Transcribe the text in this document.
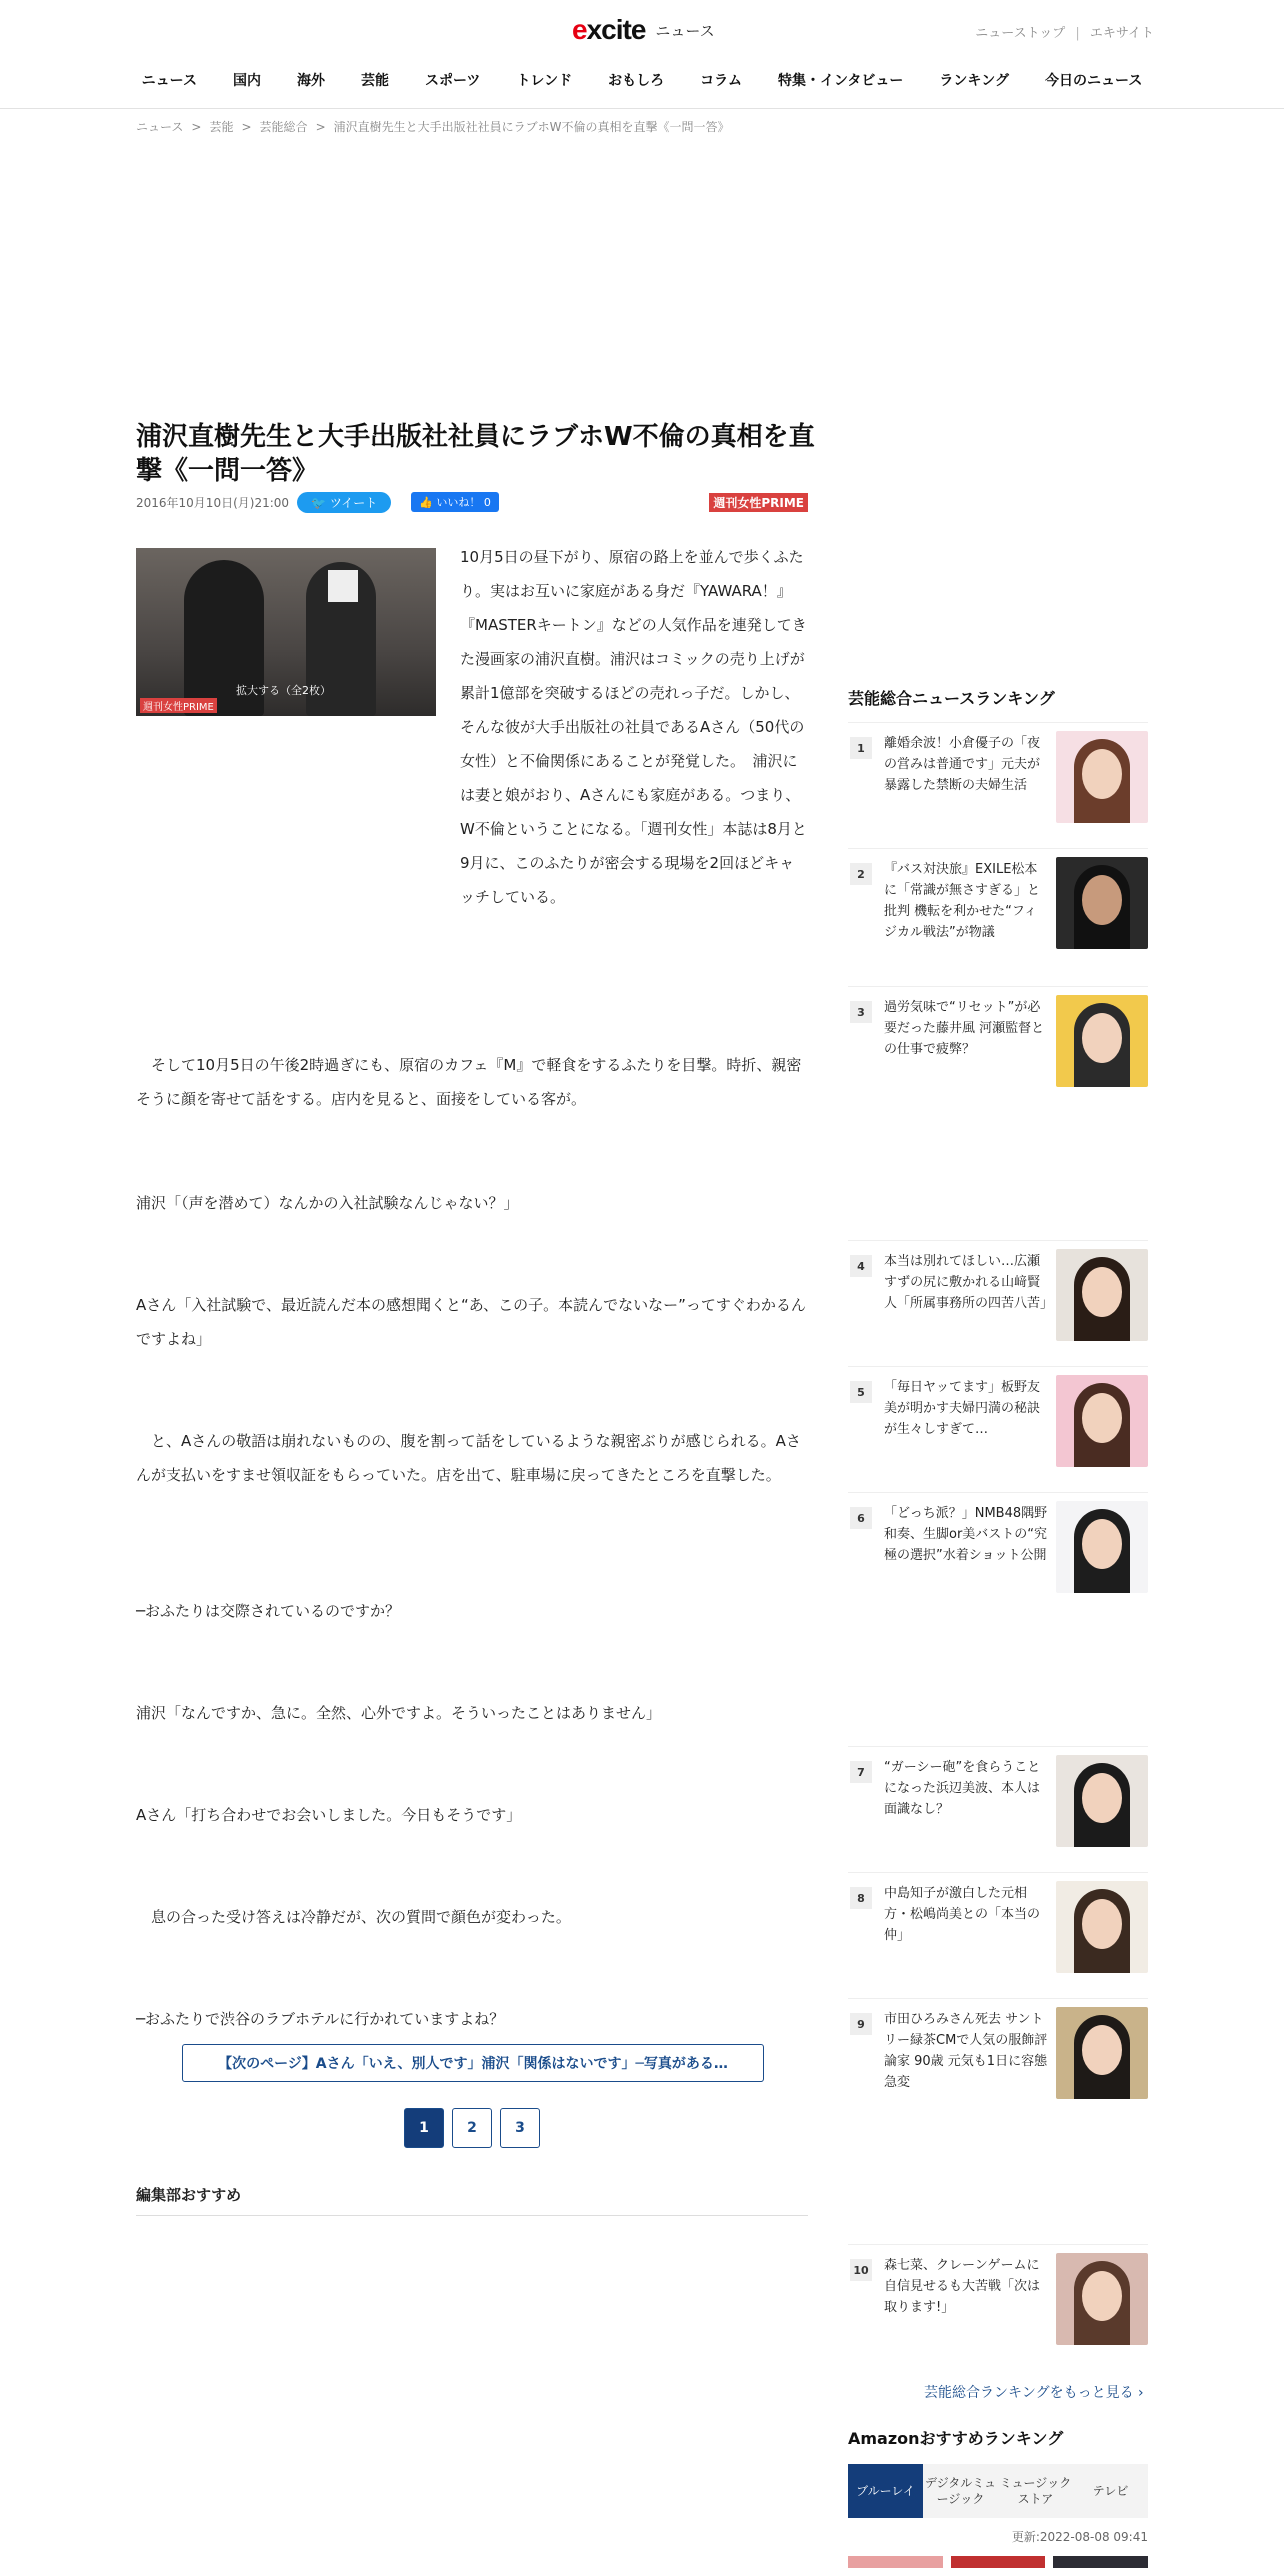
excite ニュース	ニューストップ | エキサイト
ニュース	国内	海外	芸能	スポーツ	トレンド	おもしろ	コラム	特集・インタビュー	ランキング	今日のニュース
ニュース > 芸能 > 芸能総合 > 浦沢直樹先生と大手出版社社員にラブホW不倫の真相を直撃《一問一答》
浦沢直樹先生と大手出版社社員にラブホW不倫の真相を直撃《一問一答》
2016年10月10日(月)21:00	🐦 ツイート	👍 いいね！ 0	週刊女性PRIME
拡大する（全2枚）
週刊女性PRIME

10月5日の昼下がり、原宿の路上を並んで歩くふたり。実はお互いに家庭がある身だ『YAWARA！』『MASTERキートン』などの人気作品を連発してきた漫画家の浦沢直樹。浦沢はコミックの売り上げが累計1億部を突破するほどの売れっ子だ。しかし、そんな彼が大手出版社の社員であるAさん（50代の女性）と不倫関係にあることが発覚した。　浦沢には妻と娘がおり、Aさんにも家庭がある。つまり、W不倫ということになる。「週刊女性」本誌は8月と9月に、このふたりが密会する現場を2回ほどキャッチしている。

　そして10月5日の午後2時過ぎにも、原宿のカフェ『M』で軽食をするふたりを目撃。時折、親密そうに顔を寄せて話をする。店内を見ると、面接をしている客が。

浦沢「（声を潜めて）なんかの入社試験なんじゃない？」

Aさん「入社試験で、最近読んだ本の感想聞くと“あ、この子。本読んでないなー”ってすぐわかるんですよね」

　と、Aさんの敬語は崩れないものの、腹を割って話をしているような親密ぶりが感じられる。Aさんが支払いをすませ領収証をもらっていた。店を出て、駐車場に戻ってきたところを直撃した。

─おふたりは交際されているのですか？

浦沢「なんですか、急に。全然、心外ですよ。そういったことはありません」

Aさん「打ち合わせでお会いしました。今日もそうです」

　息の合った受け答えは冷静だが、次の質問で顔色が変わった。

─おふたりで渋谷のラブホテルに行かれていますよね？

【次のページ】Aさん「いえ、別人です」浦沢「関係はないです」─写真がある…
1	2	3
編集部おすすめ
芸能総合ニュースランキング
1	離婚余波！小倉優子の「夜の営みは普通です」元夫が暴露した禁断の夫婦生活
2	『バス対決旅』EXILE松本に「常識が無さすぎる」と批判 機転を利かせた“フィジカル戦法”が物議
3	過労気味で“リセット”が必要だった藤井風 河瀬監督との仕事で疲弊？
4	本当は別れてほしい…広瀬すずの尻に敷かれる山﨑賢人「所属事務所の四苦八苦」
5	「毎日ヤッてます」板野友美が明かす夫婦円満の秘訣が生々しすぎて…
6	「どっち派？」NMB48隅野和奏、生脚or美バストの“究極の選択”水着ショット公開
7	“ガーシー砲”を食らうことになった浜辺美波、本人は面識なし？
8	中島知子が激白した元相方・松嶋尚美との「本当の仲」
9	市田ひろみさん死去 サントリー緑茶CMで人気の服飾評論家 90歳 元気も1日に容態急変
10 森七菜、クレーンゲームに自信見せるも大苦戦「次は取ります!」
芸能総合ランキングをもっと見る ›
Amazonおすすめランキング
ブルーレイ
デジタルミュージック
ミュージックストア
テレビ
更新:2022-08-08 09:41
